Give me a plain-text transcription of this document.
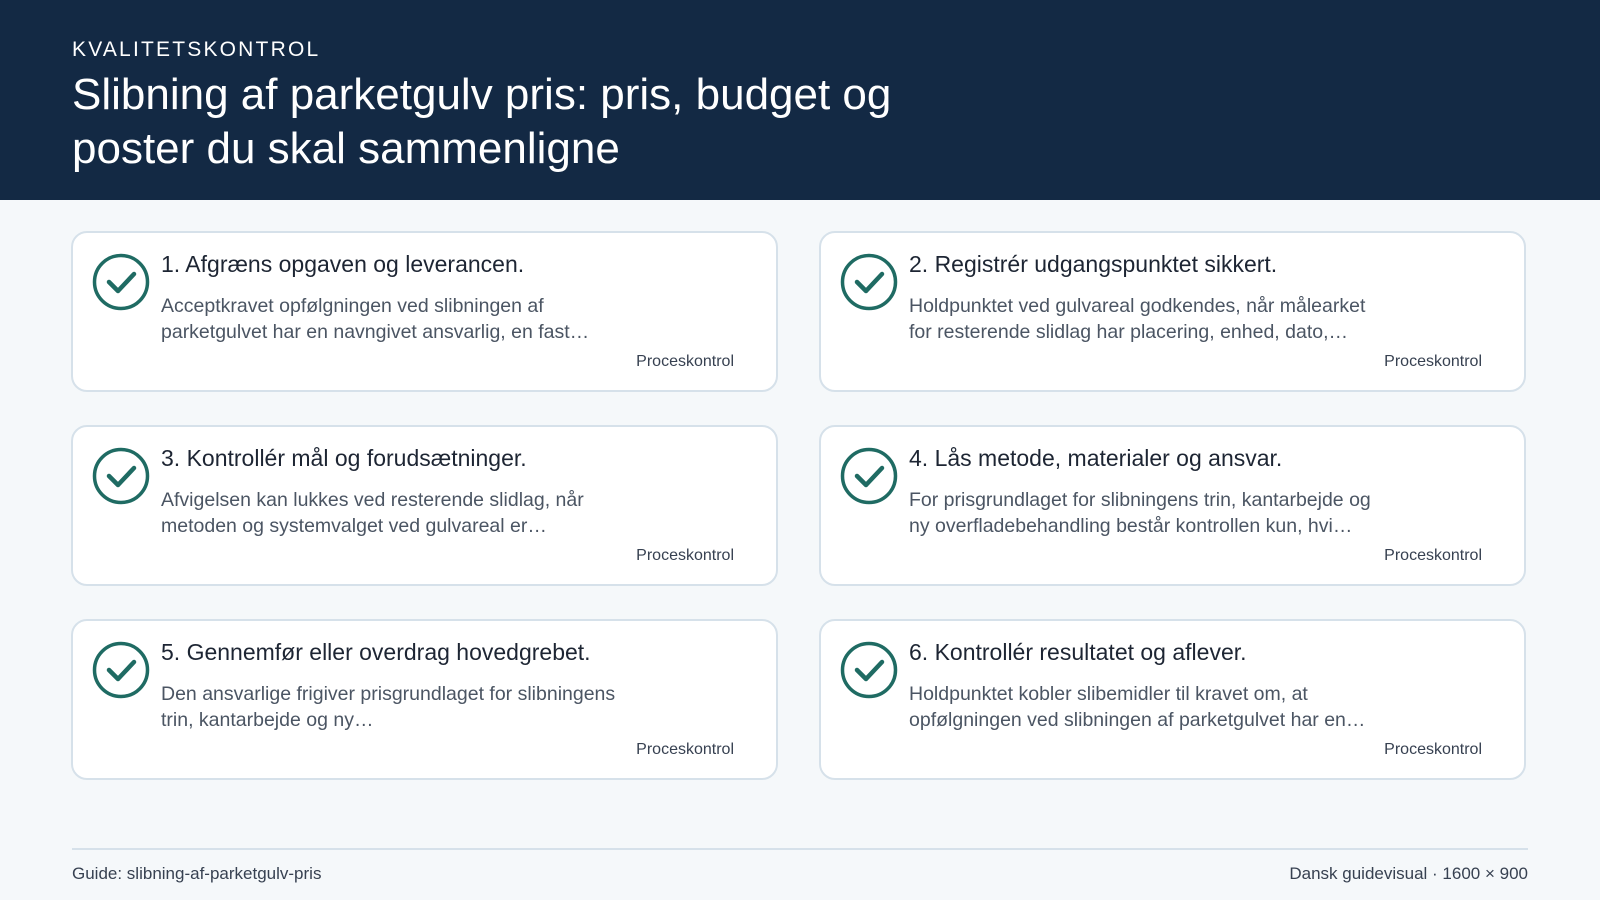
KVALITETSKONTROL
Slibning af parketgulv pris: pris, budget og poster du skal sammenligne
1. Afgræns opgaven og leverancen.
Acceptkravet opfølgningen ved slibningen af parketgulvet har en navngivet ansvarlig, en fast…
Proceskontrol
2. Registrér udgangspunktet sikkert.
Holdpunktet ved gulvareal godkendes, når målearket for resterende slidlag har placering, enhed, dato,…
Proceskontrol
3. Kontrollér mål og forudsætninger.
Afvigelsen kan lukkes ved resterende slidlag, når metoden og systemvalget ved gulvareal er…
Proceskontrol
4. Lås metode, materialer og ansvar.
For prisgrundlaget for slibningens trin, kantarbejde og ny overfladebehandling består kontrollen kun, hvi…
Proceskontrol
5. Gennemfør eller overdrag hovedgrebet.
Den ansvarlige frigiver prisgrundlaget for slibningens trin, kantarbejde og ny…
Proceskontrol
6. Kontrollér resultatet og aflever.
Holdpunktet kobler slibemidler til kravet om, at opfølgningen ved slibningen af parketgulvet har en…
Proceskontrol
Guide: slibning-af-parketgulv-pris	Dansk guidevisual · 1600 × 900
